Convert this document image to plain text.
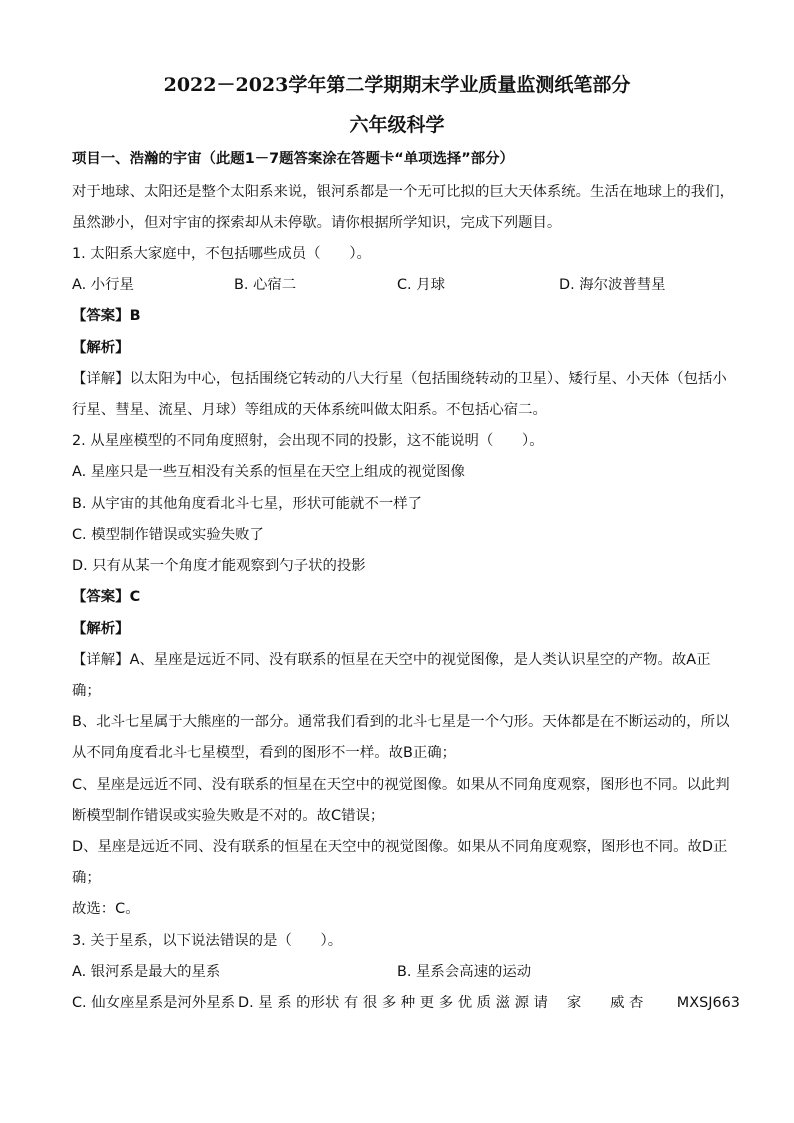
2022－2023学年第二学期期末学业质量监测纸笔部分
六年级科学
项目一、浩瀚的宇宙（此题1－7题答案涂在答题卡“单项选择”部分）
对于地球、太阳还是整个太阳系来说，银河系都是一个无可比拟的巨大天体系统。生活在地球上的我们，
虽然渺小，但对宇宙的探索却从未停歇。请你根据所学知识，完成下列题目。
1. 太阳系大家庭中，不包括哪些成员（　　）。
A. 小行星	B. 心宿二	C. 月球	D. 海尔波普彗星
【答案】B
【解析】
【详解】以太阳为中心，包括围绕它转动的八大行星（包括围绕转动的卫星）、矮行星、小天体（包括小
行星、彗星、流星、月球）等组成的天体系统叫做太阳系。不包括心宿二。
2. 从星座模型的不同角度照射，会出现不同的投影，这不能说明（　　）。
A. 星座只是一些互相没有关系的恒星在天空上组成的视觉图像
B. 从宇宙的其他角度看北斗七星，形状可能就不一样了
C. 模型制作错误或实验失败了
D. 只有从某一个角度才能观察到勺子状的投影
【答案】C
【解析】
【详解】A、星座是远近不同、没有联系的恒星在天空中的视觉图像，是人类认识星空的产物。故A正
确；
B、北斗七星属于大熊座的一部分。通常我们看到的北斗七星是一个勺形。天体都是在不断运动的，所以
从不同角度看北斗七星模型，看到的图形不一样。故B正确；
C、星座是远近不同、没有联系的恒星在天空中的视觉图像。如果从不同角度观察，图形也不同。以此判
断模型制作错误或实验失败是不对的。故C错误；
D、星座是远近不同、没有联系的恒星在天空中的视觉图像。如果从不同角度观察，图形也不同。故D正
确；
故选：C。
3. 关于星系，以下说法错误的是（　　）。
A. 银河系是最大的星系	B. 星系会高速的运动
C. 仙女座星系是河外星系 D. 星 系 的形状 有 很 多 种 更 多 优 质 滋 源 请　 家　　威 杏　　 MXSJ663
